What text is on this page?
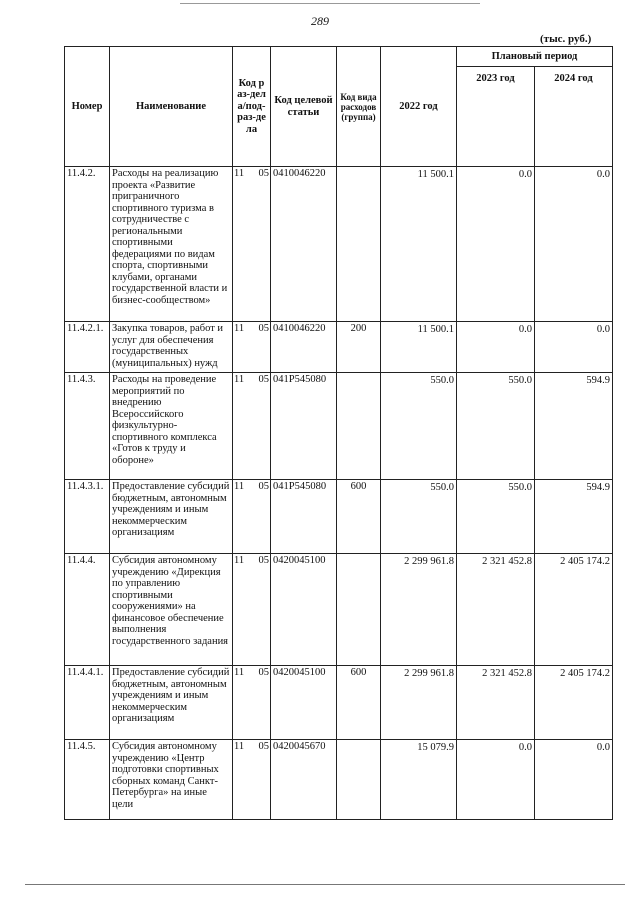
289
(тыс. руб.)
Номер	Наименование	Код раз-дела/под-раз-дела	Код целевой статьи	Код вида расходов (группа)	2022 год	Плановый период	
						2023 год	2024 год
11.4.2.	Расходы на реализацию проекта «Развитие приграничного спортивного туризма в сотрудничестве с региональными спортивными федерациями по видам спорта, спортивными клубами, органами государственной власти и бизнес-сообществом»	11 05	0410046220		11 500.1	0.0	0.0
11.4.2.1.	Закупка товаров, работ и услуг для обеспечения государственных (муниципальных) нужд	11 05	0410046220	200	11 500.1	0.0	0.0
11.4.3.	Расходы на проведение мероприятий по внедрению Всероссийского физкультурно-спортивного комплекса «Готов к труду и обороне»	11 05	041P545080		550.0	550.0	594.9
11.4.3.1.	Предоставление субсидий бюджетным, автономным учреждениям и иным некоммерческим организациям	11 05	041P545080	600	550.0	550.0	594.9
11.4.4.	Субсидия автономному учреждению «Дирекция по управлению спортивными сооружениями» на финансовое обеспечение выполнения государственного задания	11 05	0420045100		2 299 961.8	2 321 452.8	2 405 174.2
11.4.4.1.	Предоставление субсидий бюджетным, автономным учреждениям и иным некоммерческим организациям	11 05	0420045100	600	2 299 961.8	2 321 452.8	2 405 174.2
11.4.5.	Субсидия автономному учреждению «Центр подготовки спортивных сборных команд Санкт-Петербурга» на иные цели	11 05	0420045670		15 079.9	0.0	0.0
